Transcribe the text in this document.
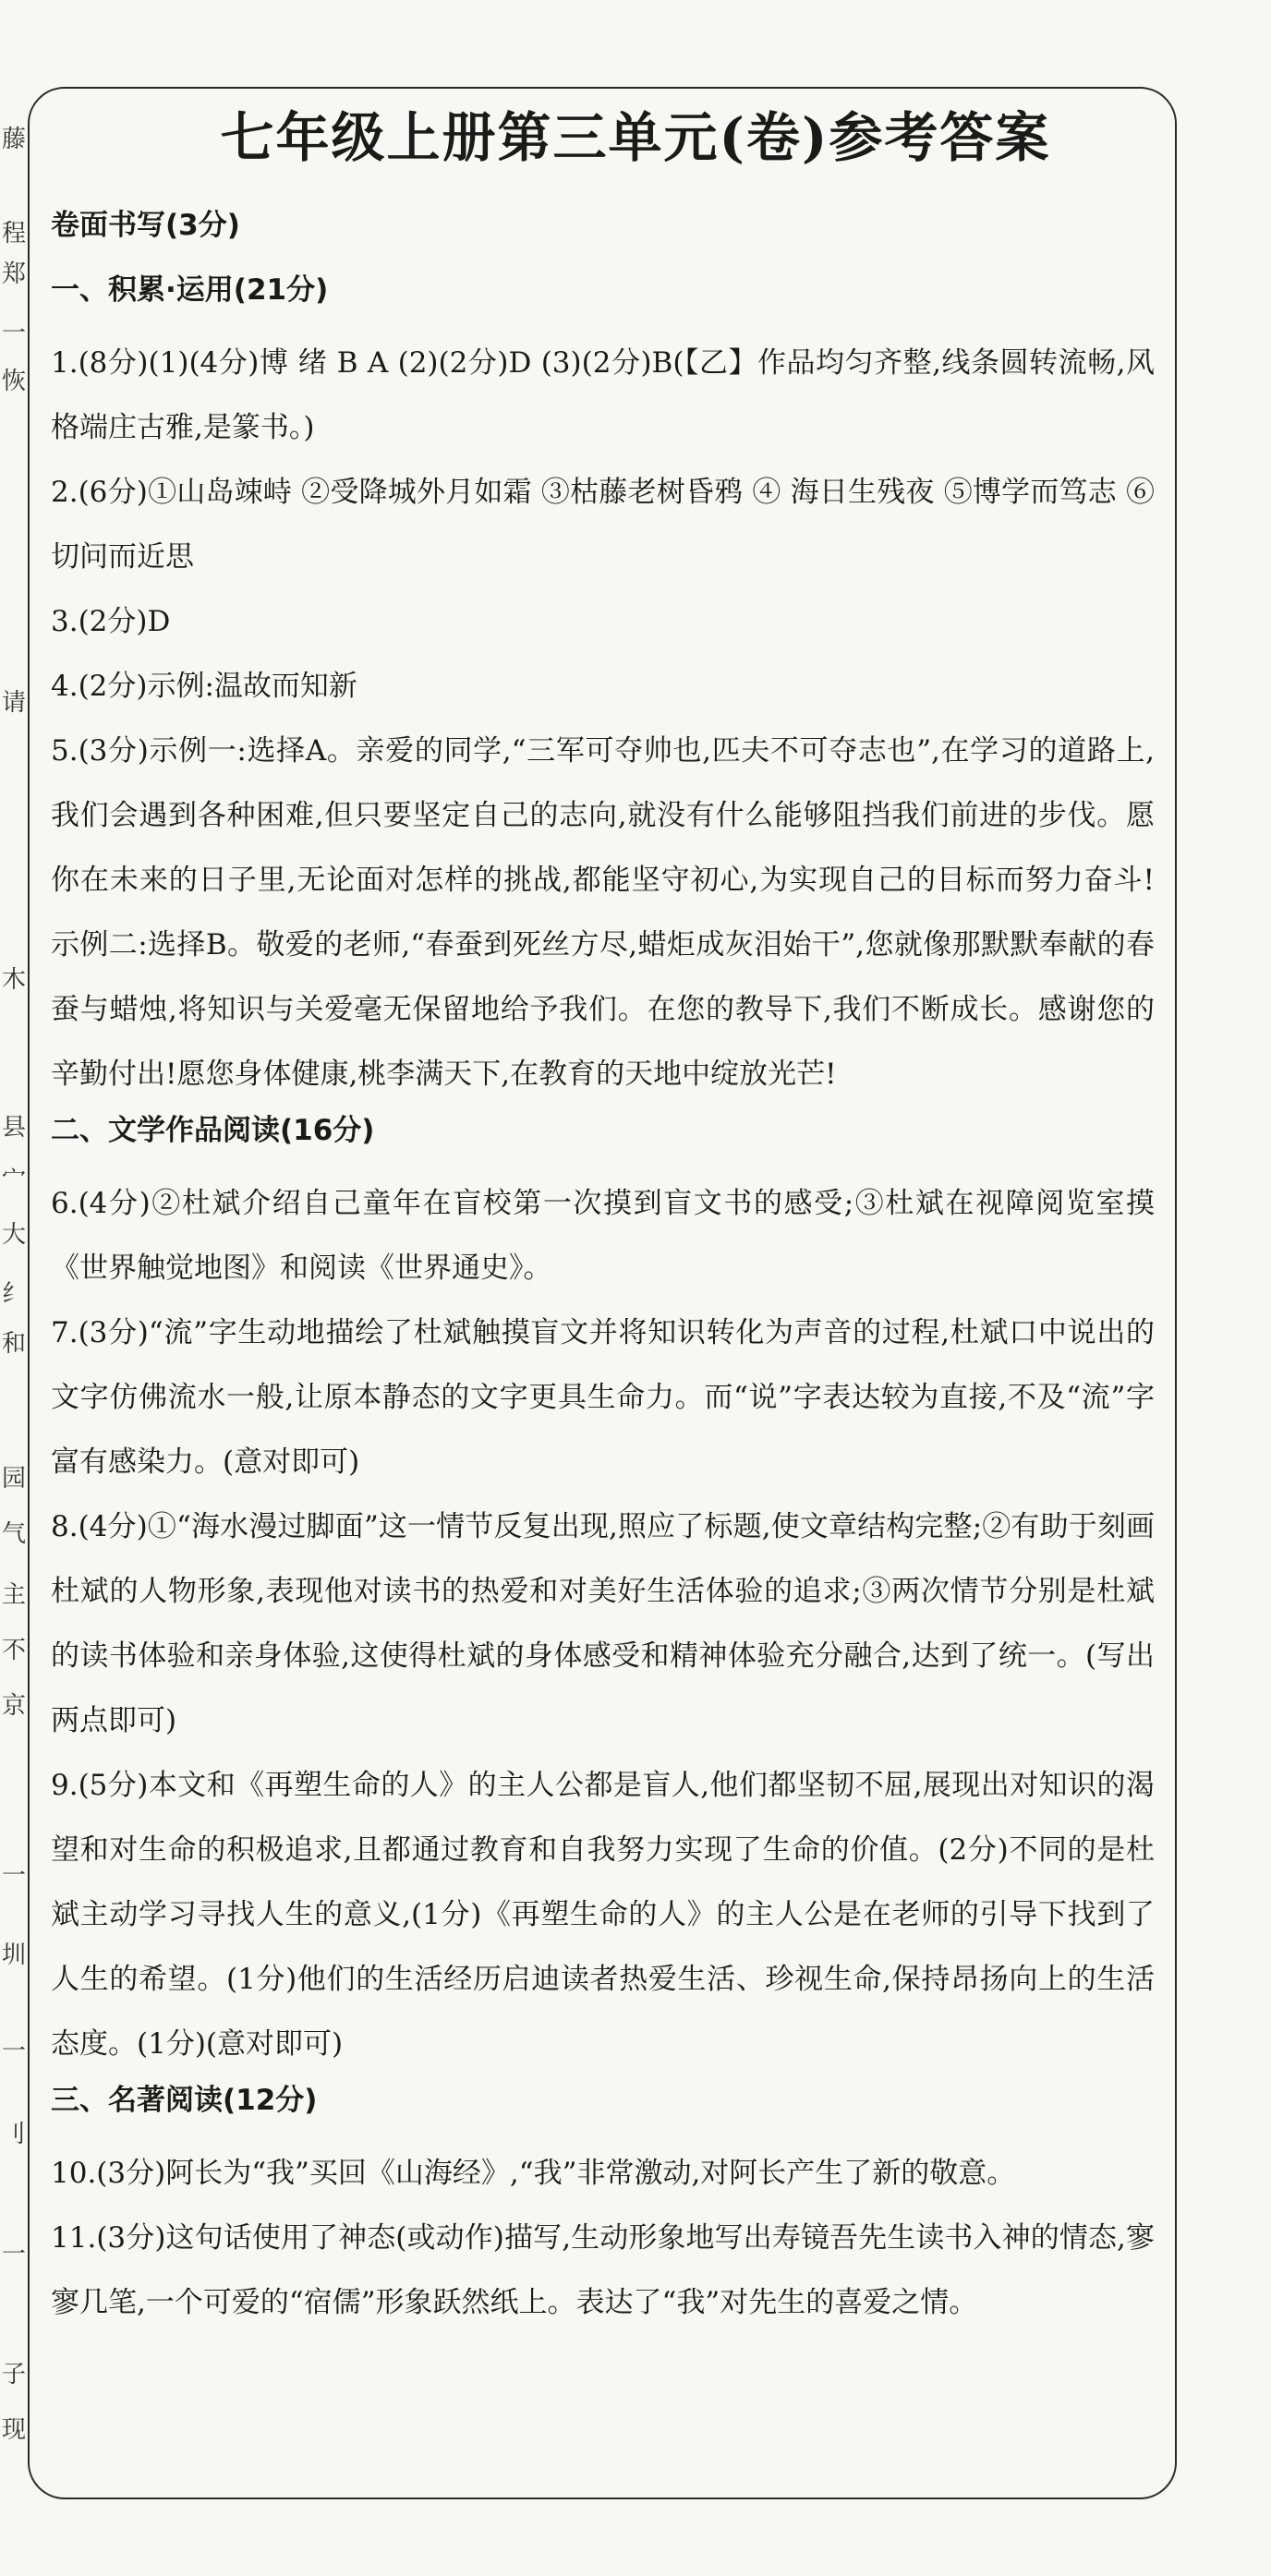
藤
程
郑
一
恢
请
木
县
宀
大
纟
和
园
气
主
不
京
一
圳
一
刂
一
子
现
七年级上册第三单元(卷)参考答案
卷面书写(3分)
一、积累·运用(21分)

1.(8分)(1)(4分)博 绪 B A (2)(2分)D (3)(2分)B(【乙】作品均匀齐整,线条圆转流畅,风格端庄古雅,是篆书。)

2.(6分)①山岛竦峙 ②受降城外月如霜 ③枯藤老树昏鸦 ④ 海日生残夜 ⑤博学而笃志 ⑥切问而近思

3.(2分)D

4.(2分)示例:温故而知新

5.(3分)示例一:选择A。亲爱的同学,“三军可夺帅也,匹夫不可夺志也”,在学习的道路上,我们会遇到各种困难,但只要坚定自己的志向,就没有什么能够阻挡我们前进的步伐。愿你在未来的日子里,无论面对怎样的挑战,都能坚守初心,为实现自己的目标而努力奋斗! 示例二:选择B。敬爱的老师,“春蚕到死丝方尽,蜡炬成灰泪始干”,您就像那默默奉献的春蚕与蜡烛,将知识与关爱毫无保留地给予我们。在您的教导下,我们不断成长。感谢您的辛勤付出!愿您身体健康,桃李满天下,在教育的天地中绽放光芒!

二、文学作品阅读(16分)

6.(4分)②杜斌介绍自己童年在盲校第一次摸到盲文书的感受;③杜斌在视障阅览室摸《世界触觉地图》和阅读《世界通史》。

7.(3分)“流”字生动地描绘了杜斌触摸盲文并将知识转化为声音的过程,杜斌口中说出的文字仿佛流水一般,让原本静态的文字更具生命力。而“说”字表达较为直接,不及“流”字富有感染力。(意对即可)

8.(4分)①“海水漫过脚面”这一情节反复出现,照应了标题,使文章结构完整;②有助于刻画杜斌的人物形象,表现他对读书的热爱和对美好生活体验的追求;③两次情节分别是杜斌的读书体验和亲身体验,这使得杜斌的身体感受和精神体验充分融合,达到了统一。(写出两点即可)

9.(5分)本文和《再塑生命的人》的主人公都是盲人,他们都坚韧不屈,展现出对知识的渴望和对生命的积极追求,且都通过教育和自我努力实现了生命的价值。(2分)不同的是杜斌主动学习寻找人生的意义,(1分)《再塑生命的人》的主人公是在老师的引导下找到了人生的希望。(1分)他们的生活经历启迪读者热爱生活、珍视生命,保持昂扬向上的生活态度。(1分)(意对即可)

三、名著阅读(12分)

10.(3分)阿长为“我”买回《山海经》,“我”非常激动,对阿长产生了新的敬意。

11.(3分)这句话使用了神态(或动作)描写,生动形象地写出寿镜吾先生读书入神的情态,寥寥几笔,一个可爱的“宿儒”形象跃然纸上。表达了“我”对先生的喜爱之情。
